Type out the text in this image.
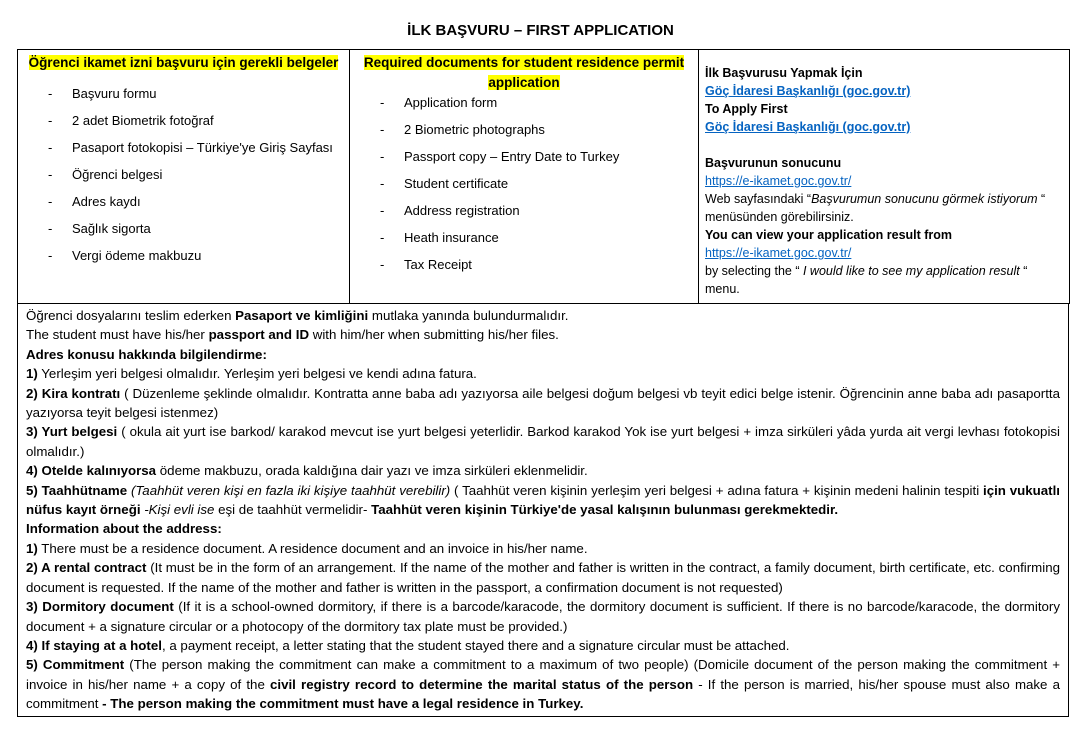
İLK BAŞVURU – FIRST APPLICATION
Öğrenci ikamet izni başvuru için gerekli belgeler
- Başvuru formu
- 2 adet Biometrik fotoğraf
- Pasaport fotokopisi – Türkiye'ye Giriş Sayfası
- Öğrenci belgesi
- Adres kaydı
- Sağlık sigorta
- Vergi ödeme makbuzu

Required documents for student residence permit application
- Application form
- 2 Biometric photographs
- Passport copy – Entry Date to Turkey
- Student certificate
- Address registration
- Heath insurance
- Tax Receipt

İlk Başvurusu Yapmak İçin
Göç İdaresi Başkanlığı (goc.gov.tr)
To Apply First
Göç İdaresi Başkanlığı (goc.gov.tr)
Başvurunun sonucunu
https://e-ikamet.goc.gov.tr/
Web sayfasındaki “Başvurumun sonucunu görmek istiyorum “ menüsünden görebilirsiniz.
You can view your application result from
https://e-ikamet.goc.gov.tr/
by selecting the “ I would like to see my application result “ menu.

Öğrenci dosyalarını teslim ederken Pasaport ve kimliğini mutlaka yanında bulundurmalıdır.

The student must have his/her passport and ID with him/her when submitting his/her files.

Adres konusu hakkında bilgilendirme:

1) Yerleşim yeri belgesi olmalıdır. Yerleşim yeri belgesi ve kendi adına fatura.

2) Kira kontratı ( Düzenleme şeklinde olmalıdır. Kontratta anne baba adı yazıyorsa aile belgesi doğum belgesi vb teyit edici belge istenir. Öğrencinin anne baba adı pasaportta yazıyorsa teyit belgesi istenmez)

3) Yurt belgesi ( okula ait yurt ise barkod/ karakod mevcut ise yurt belgesi yeterlidir. Barkod karakod Yok ise yurt belgesi + imza sirküleri yâda yurda ait vergi levhası fotokopisi olmalıdır.)

4) Otelde kalınıyorsa ödeme makbuzu, orada kaldığına dair yazı ve imza sirküleri eklenmelidir.

5) Taahhütname (Taahhüt veren kişi en fazla iki kişiye taahhüt verebilir) ( Taahhüt veren kişinin yerleşim yeri belgesi + adına fatura + kişinin medeni halinin tespiti için vukuatlı nüfus kayıt örneği -Kişi evli ise eşi de taahhüt vermelidir- Taahhüt veren kişinin Türkiye'de yasal kalışının bulunması gerekmektedir.

Information about the address:

1) There must be a residence document. A residence document and an invoice in his/her name.

2) A rental contract (It must be in the form of an arrangement. If the name of the mother and father is written in the contract, a family document, birth certificate, etc. confirming document is requested. If the name of the mother and father is written in the passport, a confirmation document is not requested)

3) Dormitory document (If it is a school-owned dormitory, if there is a barcode/karacode, the dormitory document is sufficient. If there is no barcode/karacode, the dormitory document + a signature circular or a photocopy of the dormitory tax plate must be provided.)

4) If staying at a hotel, a payment receipt, a letter stating that the student stayed there and a signature circular must be attached.

5) Commitment (The person making the commitment can make a commitment to a maximum of two people) (Domicile document of the person making the commitment + invoice in his/her name + a copy of the civil registry record to determine the marital status of the person - If the person is married, his/her spouse must also make a commitment - The person making the commitment must have a legal residence in Turkey.
